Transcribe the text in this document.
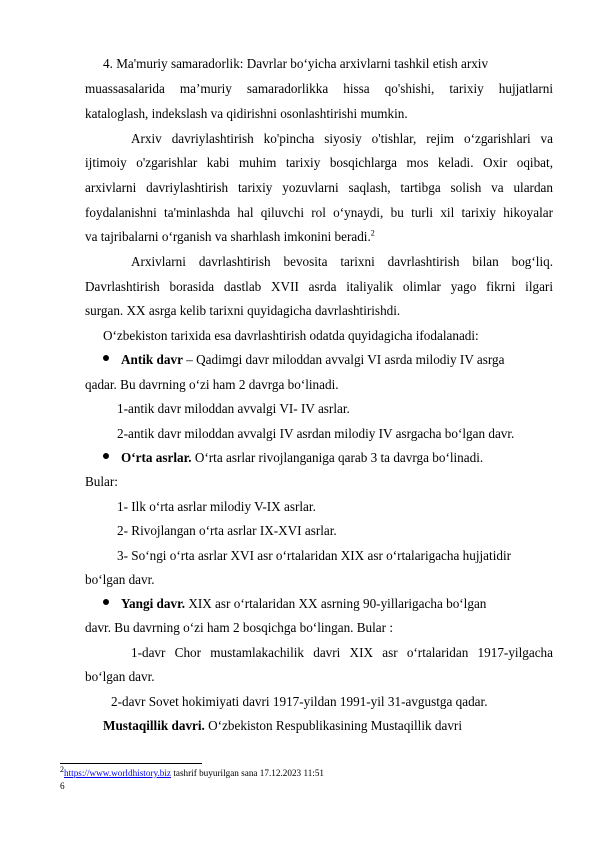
4. Ma'muriy samaradorlik: Davrlar bo‘yicha arxivlarni tashkil etish arxiv
muassasalarida ma’muriy samaradorlikka hissa qo'shishi, tarixiy hujjatlarni
kataloglash, indekslash va qidirishni osonlashtirishi mumkin.
Arxiv davriylashtirish ko'pincha siyosiy o'tishlar, rejim o‘zgarishlari va
ijtimoiy o'zgarishlar kabi muhim tarixiy bosqichlarga mos keladi. Oxir oqibat,
arxivlarni davriylashtirish tarixiy yozuvlarni saqlash, tartibga solish va ulardan
foydalanishni ta'minlashda hal qiluvchi rol o‘ynaydi, bu turli xil tarixiy hikoyalar
va tajribalarni o‘rganish va sharhlash imkonini beradi.$^2$
Arxivlarni davrlashtirish bevosita tarixni davrlashtirish bilan bog‘liq.
Davrlashtirish borasida dastlab XVII asrda italiyalik olimlar yago fikrni ilgari
surgan. XX asrga kelib tarixni quyidagicha davrlashtirishdi.
O‘zbekiston tarixida esa davrlashtirish odatda quyidagicha ifodalanadi:
Antik davr – Qadimgi davr miloddan avvalgi VI asrda milodiy IV asrga
qadar. Bu davrning o‘zi ham 2 davrga bo‘linadi.
1-antik davr miloddan avvalgi VI- IV asrlar.
2-antik davr miloddan avvalgi IV asrdan milodiy IV asrgacha bo‘lgan davr.
O‘rta asrlar. O‘rta asrlar rivojlanganiga qarab 3 ta davrga bo‘linadi.
Bular:
1- Ilk o‘rta asrlar milodiy V-IX asrlar.
2- Rivojlangan o‘rta asrlar IX-XVI asrlar.
3- So‘ngi o‘rta asrlar XVI asr o‘rtalaridan XIX asr o‘rtalarigacha hujjatidir
bo‘lgan davr.
Yangi davr. XIX asr o‘rtalaridan XX asrning 90-yillarigacha bo‘lgan
davr. Bu davrning o‘zi ham 2 bosqichga bo‘lingan. Bular :
1-davr Chor mustamlakachilik davri XIX asr o‘rtalaridan 1917-yilgacha
bo‘lgan davr.
2-davr Sovet hokimiyati davri 1917-yildan 1991-yil 31-avgustga qadar.
Mustaqillik davri. O‘zbekiston Respublikasining Mustaqillik davri
$^2$https://www.worldhistory.biz tashrif buyurilgan sana 17.12.2023 11:51
6
